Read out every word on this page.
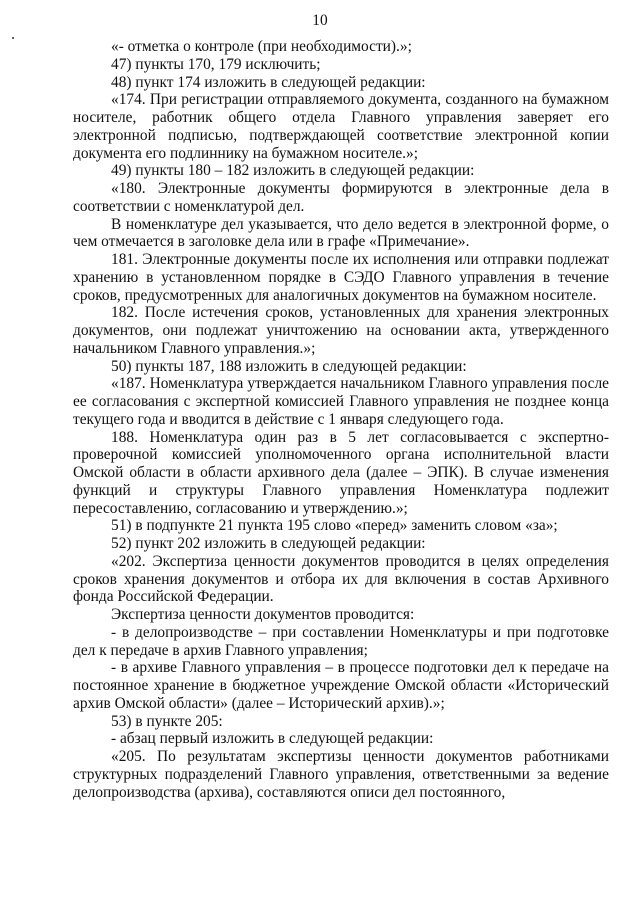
10

«- отметка о контроле (при необходимости).»;

47) пункты 170, 179 исключить;

48) пункт 174 изложить в следующей редакции:

«174. При регистрации отправляемого документа, созданного на бумажном носителе, работник общего отдела Главного управления заверяет его электронной подписью, подтверждающей соответствие электронной копии документа его подлиннику на бумажном носителе.»;

49) пункты 180 – 182 изложить в следующей редакции:

«180. Электронные документы формируются в электронные дела в соответствии с номенклатурой дел.

В номенклатуре дел указывается, что дело ведется в электронной форме, о чем отмечается в заголовке дела или в графе «Примечание».

181. Электронные документы после их исполнения или отправки подлежат хранению в установленном порядке в СЭДО Главного управления в течение сроков, предусмотренных для аналогичных документов на бумажном носителе.

182. После истечения сроков, установленных для хранения электронных документов, они подлежат уничтожению на основании акта, утвержденного начальником Главного управления.»;

50) пункты 187, 188 изложить в следующей редакции:

«187. Номенклатура утверждается начальником Главного управления после ее согласования с экспертной комиссией Главного управления не позднее конца текущего года и вводится в действие с 1 января следующего года.

188. Номенклатура один раз в 5 лет согласовывается с экспертно-проверочной комиссией уполномоченного органа исполнительной власти Омской области в области архивного дела (далее – ЭПК). В случае изменения функций и структуры Главного управления Номенклатура подлежит пересоставлению, согласованию и утверждению.»;

51) в подпункте 21 пункта 195 слово «перед» заменить словом «за»;

52) пункт 202 изложить в следующей редакции:

«202. Экспертиза ценности документов проводится в целях определения сроков хранения документов и отбора их для включения в состав Архивного фонда Российской Федерации.

Экспертиза ценности документов проводится:

- в делопроизводстве – при составлении Номенклатуры и при подготовке дел к передаче в архив Главного управления;

- в архиве Главного управления – в процессе подготовки дел к передаче на постоянное хранение в бюджетное учреждение Омской области «Исторический архив Омской области» (далее – Исторический архив).»;

53) в пункте 205:

- абзац первый изложить в следующей редакции:

«205. По результатам экспертизы ценности документов работниками структурных подразделений Главного управления, ответственными за ведение делопроизводства (архива), составляются описи дел постоянного,
